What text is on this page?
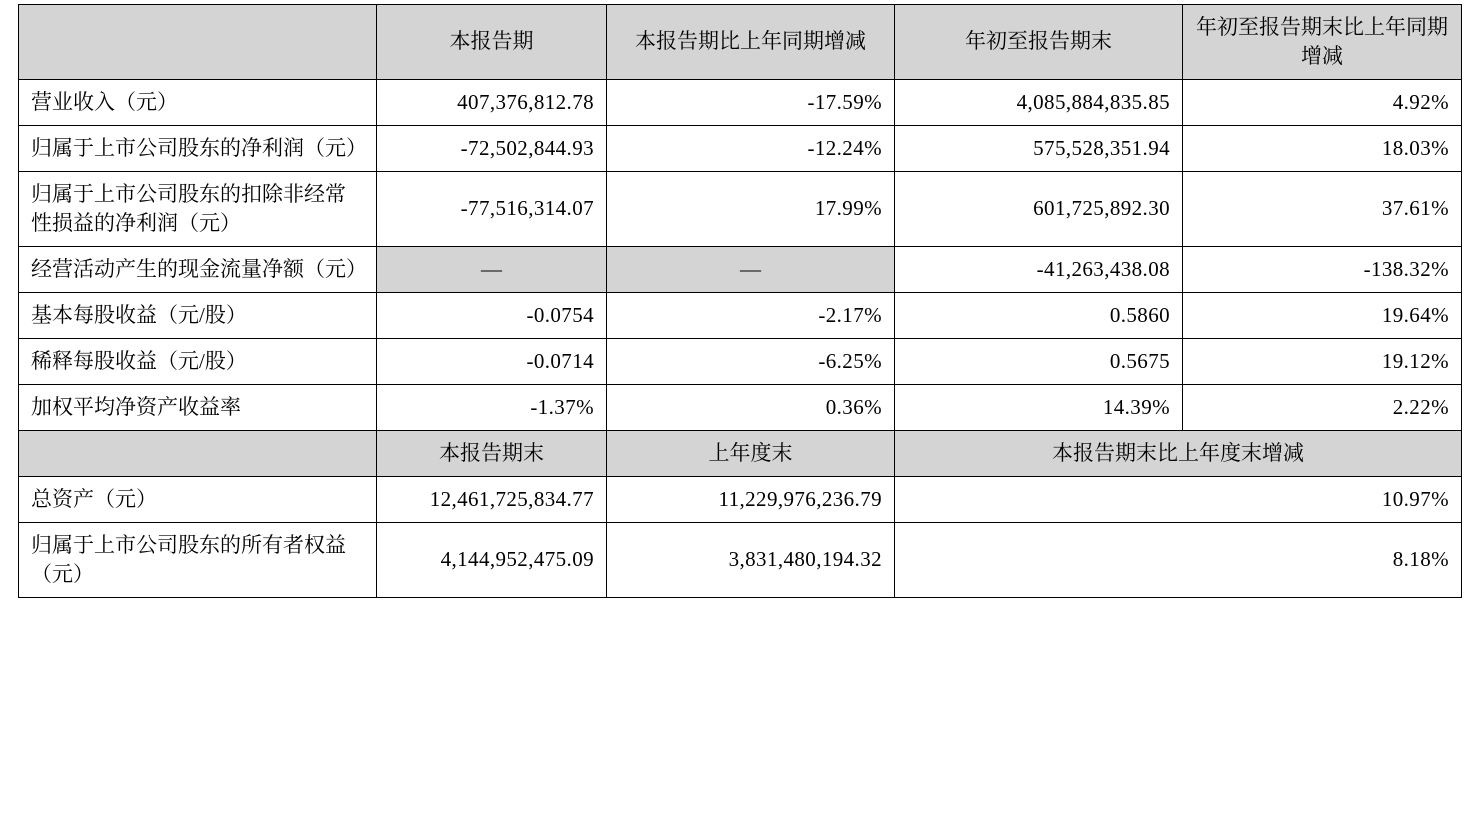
	本报告期	本报告期比上年同期增减	年初至报告期末	年初至报告期末比上年同期增减
营业收入（元）	407,376,812.78	-17.59%	4,085,884,835.85	4.92%
归属于上市公司股东的净利润（元）	-72,502,844.93	-12.24%	575,528,351.94	18.03%
归属于上市公司股东的扣除非经常性损益的净利润（元）	-77,516,314.07	17.99%	601,725,892.30	37.61%
经营活动产生的现金流量净额（元）	—	—	-41,263,438.08	-138.32%
基本每股收益（元/股）	-0.0754	-2.17%	0.5860	19.64%
稀释每股收益（元/股）	-0.0714	-6.25%	0.5675	19.12%
加权平均净资产收益率	-1.37%	0.36%	14.39%	2.22%
	本报告期末	上年度末	本报告期末比上年度末增减	
总资产（元）	12,461,725,834.77	11,229,976,236.79	10.97%	
归属于上市公司股东的所有者权益（元）	4,144,952,475.09	3,831,480,194.32	8.18%	
